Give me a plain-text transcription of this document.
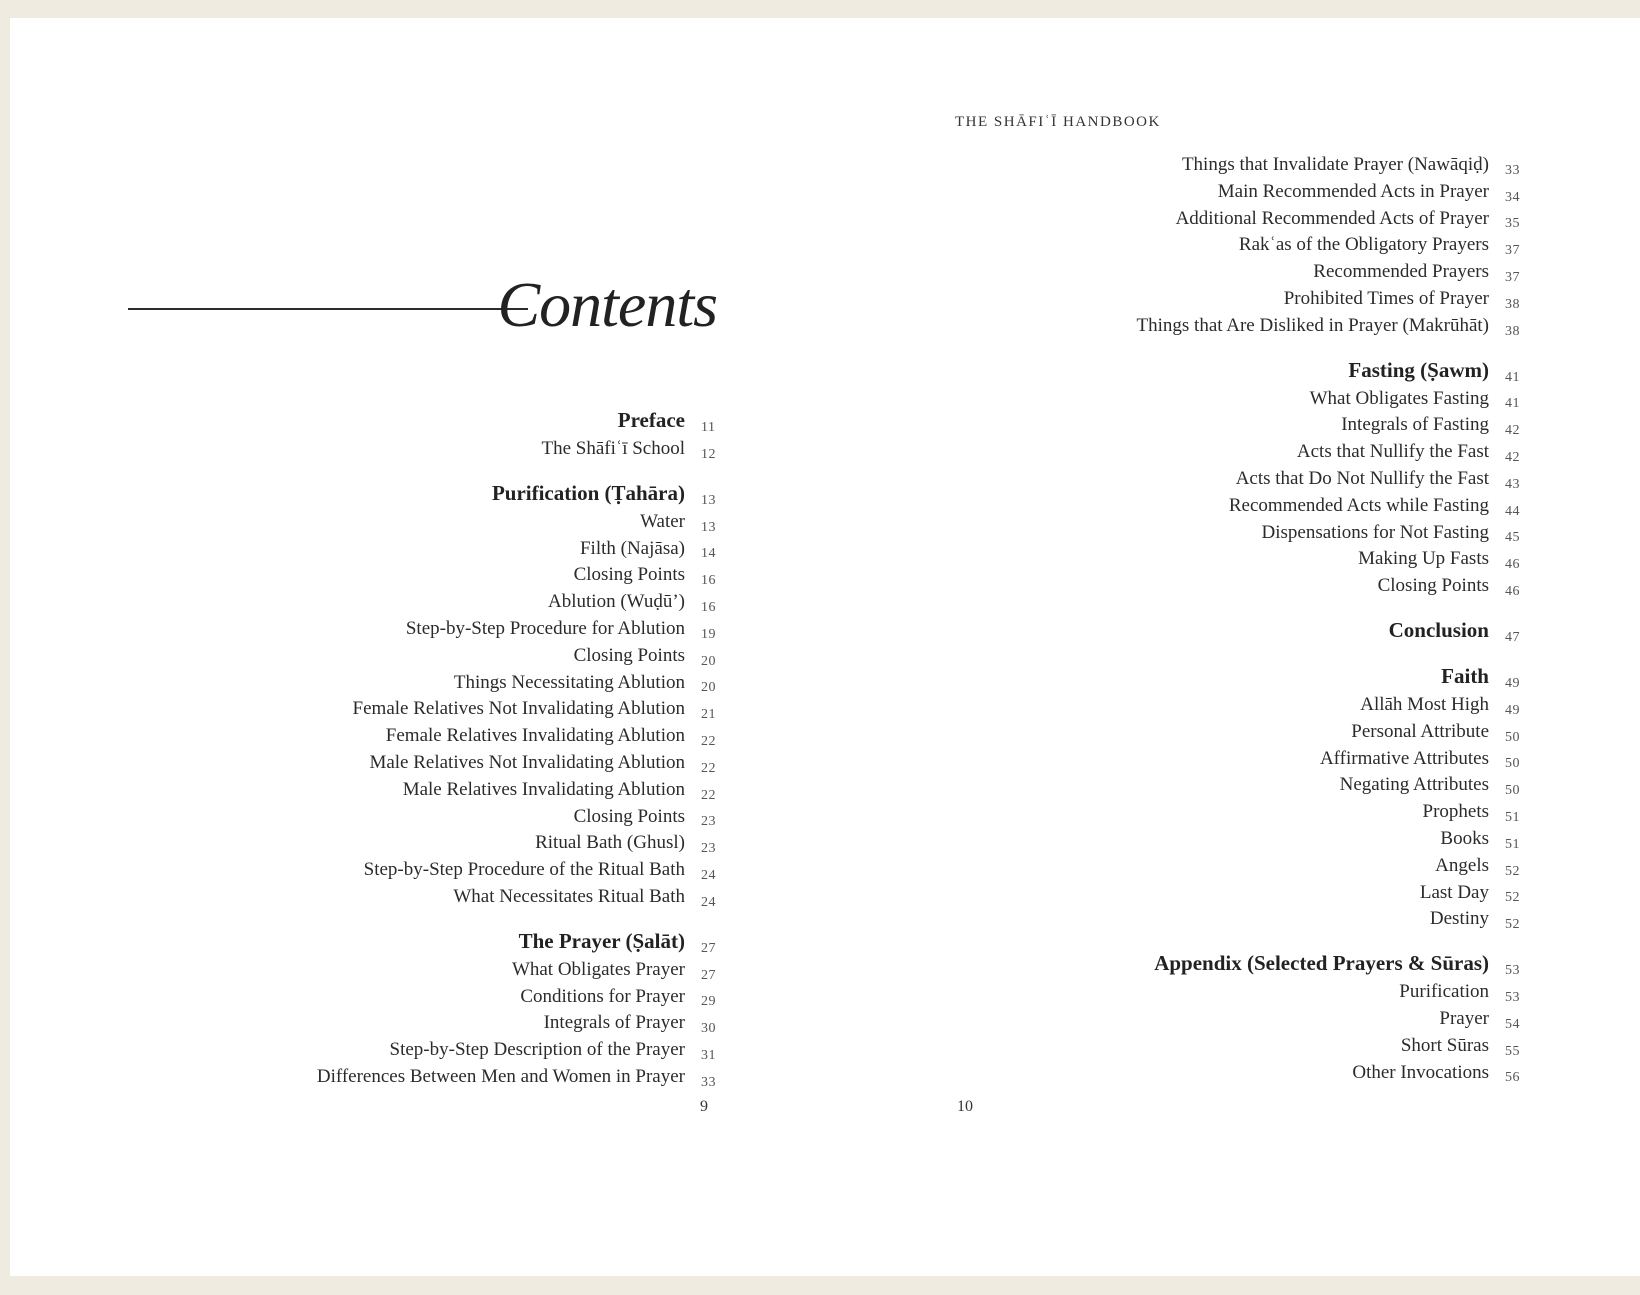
Contents
Preface 11
The Shāfiʿī School 12
Purification (Ṭahāra) 13
Water 13
Filth (Najāsa) 14
Closing Points 16
Ablution (Wuḍū’) 16
Step-by-Step Procedure for Ablution 19
Closing Points 20
Things Necessitating Ablution 20
Female Relatives Not Invalidating Ablution 21
Female Relatives Invalidating Ablution 22
Male Relatives Not Invalidating Ablution 22
Male Relatives Invalidating Ablution 22
Closing Points 23
Ritual Bath (Ghusl) 23
Step-by-Step Procedure of the Ritual Bath 24
What Necessitates Ritual Bath 24
The Prayer (Ṣalāt) 27
What Obligates Prayer 27
Conditions for Prayer 29
Integrals of Prayer 30
Step-by-Step Description of the Prayer 31
Differences Between Men and Women in Prayer 33
9
THE SHĀFIʿĪ HANDBOOK
Things that Invalidate Prayer (Nawāqiḍ) 33
Main Recommended Acts in Prayer 34
Additional Recommended Acts of Prayer 35
Rakʿas of the Obligatory Prayers 37
Recommended Prayers 37
Prohibited Times of Prayer 38
Things that Are Disliked in Prayer (Makrūhāt) 38
Fasting (Ṣawm) 41
What Obligates Fasting 41
Integrals of Fasting 42
Acts that Nullify the Fast 42
Acts that Do Not Nullify the Fast 43
Recommended Acts while Fasting 44
Dispensations for Not Fasting 45
Making Up Fasts 46
Closing Points 46
Conclusion 47
Faith 49
Allāh Most High 49
Personal Attribute 50
Affirmative Attributes 50
Negating Attributes 50
Prophets 51
Books 51
Angels 52
Last Day 52
Destiny 52
Appendix (Selected Prayers & Sūras) 53
Purification 53
Prayer 54
Short Sūras 55
Other Invocations 56
10
